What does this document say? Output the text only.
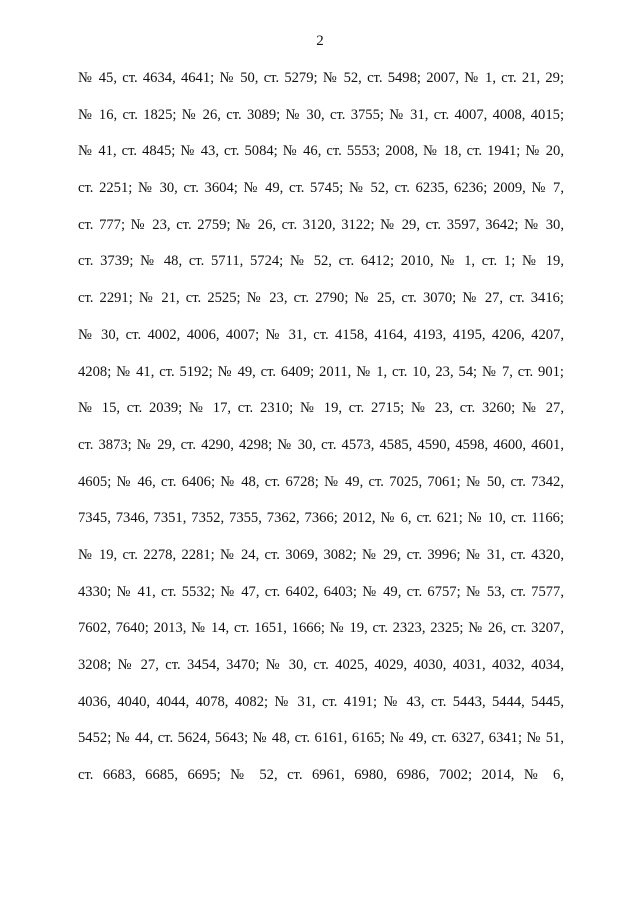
2
№ 45, ст. 4634, 4641; № 50, ст. 5279; № 52, ст. 5498; 2007, № 1, ст. 21, 29;
№ 16, ст. 1825; № 26, ст. 3089; № 30, ст. 3755; № 31, ст. 4007, 4008, 4015;
№ 41, ст. 4845; № 43, ст. 5084; № 46, ст. 5553; 2008, № 18, ст. 1941; № 20,
ст. 2251; № 30, ст. 3604; № 49, ст. 5745; № 52, ст. 6235, 6236; 2009, № 7,
ст. 777; № 23, ст. 2759; № 26, ст. 3120, 3122; № 29, ст. 3597, 3642; № 30,
ст. 3739; № 48, ст. 5711, 5724; № 52, ст. 6412; 2010, № 1, ст. 1; № 19,
ст. 2291; № 21, ст. 2525; № 23, ст. 2790; № 25, ст. 3070; № 27, ст. 3416;
№ 30, ст. 4002, 4006, 4007; № 31, ст. 4158, 4164, 4193, 4195, 4206, 4207,
4208; № 41, ст. 5192; № 49, ст. 6409; 2011, № 1, ст. 10, 23, 54; № 7, ст. 901;
№ 15, ст. 2039; № 17, ст. 2310; № 19, ст. 2715; № 23, ст. 3260; № 27,
ст. 3873; № 29, ст. 4290, 4298; № 30, ст. 4573, 4585, 4590, 4598, 4600, 4601,
4605; № 46, ст. 6406; № 48, ст. 6728; № 49, ст. 7025, 7061; № 50, ст. 7342,
7345, 7346, 7351, 7352, 7355, 7362, 7366; 2012, № 6, ст. 621; № 10, ст. 1166;
№ 19, ст. 2278, 2281; № 24, ст. 3069, 3082; № 29, ст. 3996; № 31, ст. 4320,
4330; № 41, ст. 5532; № 47, ст. 6402, 6403; № 49, ст. 6757; № 53, ст. 7577,
7602, 7640; 2013, № 14, ст. 1651, 1666; № 19, ст. 2323, 2325; № 26, ст. 3207,
3208; № 27, ст. 3454, 3470; № 30, ст. 4025, 4029, 4030, 4031, 4032, 4034,
4036, 4040, 4044, 4078, 4082; № 31, ст. 4191; № 43, ст. 5443, 5444, 5445,
5452; № 44, ст. 5624, 5643; № 48, ст. 6161, 6165; № 49, ст. 6327, 6341; № 51,
ст. 6683, 6685, 6695; № 52, ст. 6961, 6980, 6986, 7002; 2014, № 6,
